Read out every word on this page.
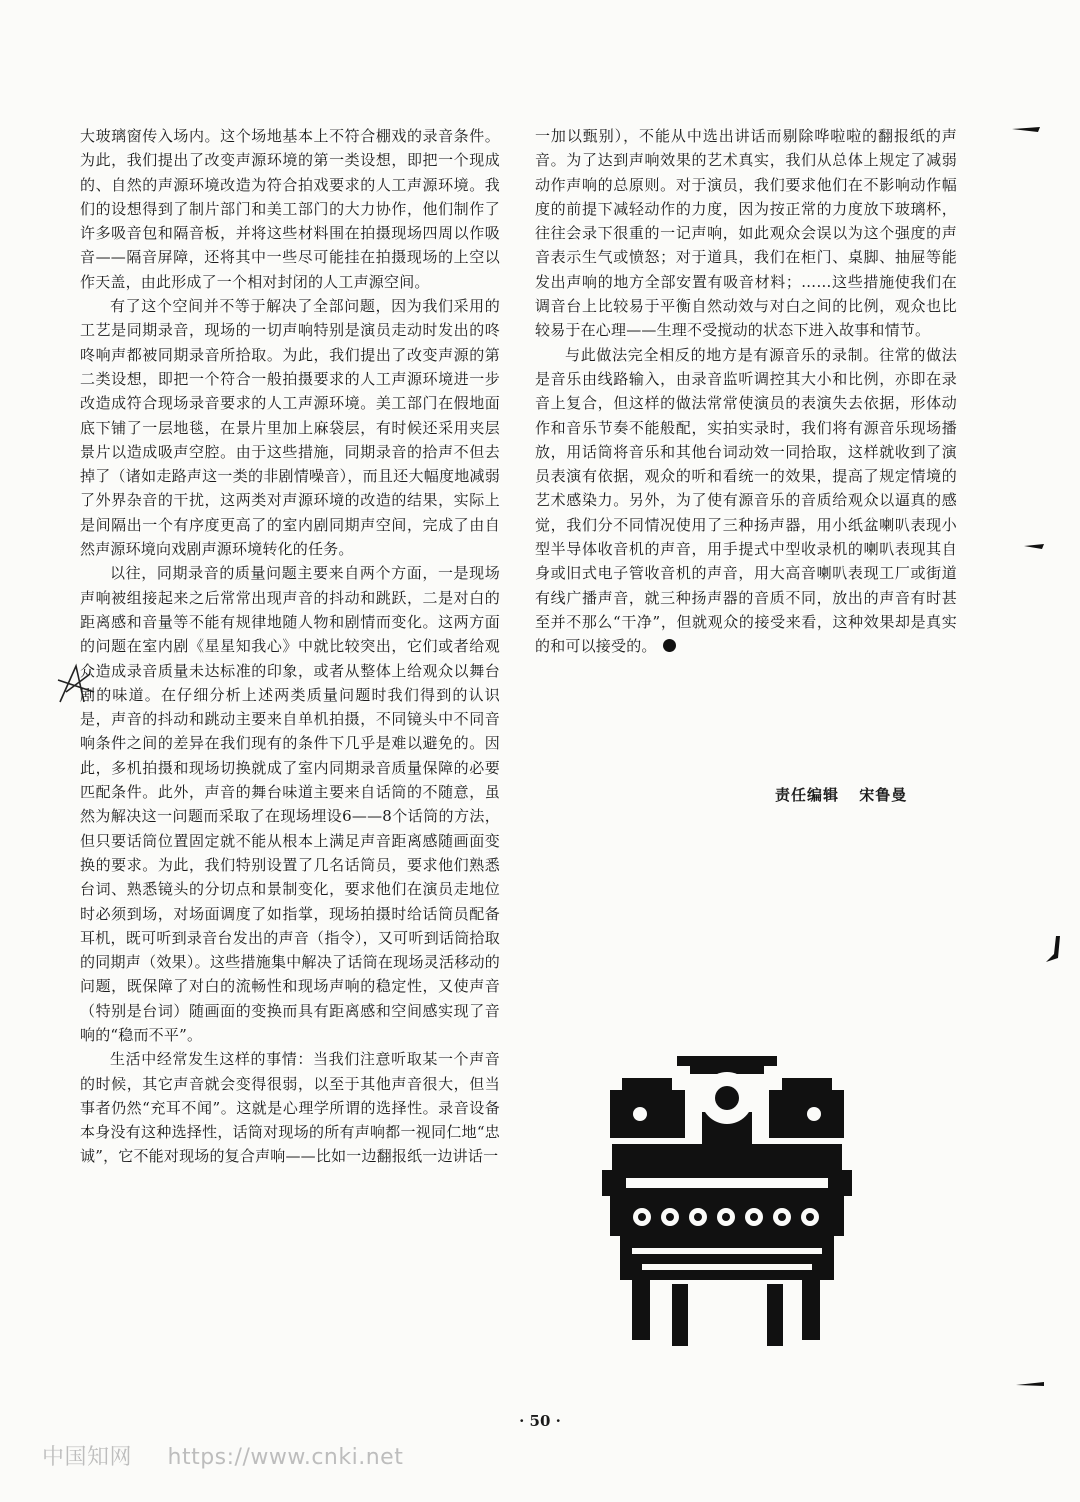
大玻璃窗传入场内。这个场地基本上不符合棚戏的录音条件。为此，我们提出了改变声源环境的第一类设想，即把一个现成的、自然的声源环境改造为符合拍戏要求的人工声源环境。我们的设想得到了制片部门和美工部门的大力协作，他们制作了许多吸音包和隔音板，并将这些材料围在拍摄现场四周以作吸音——隔音屏障，还将其中一些尽可能挂在拍摄现场的上空以作天盖，由此形成了一个相对封闭的人工声源空间。

有了这个空间并不等于解决了全部问题，因为我们采用的工艺是同期录音，现场的一切声响特别是演员走动时发出的咚咚响声都被同期录音所拾取。为此，我们提出了改变声源的第二类设想，即把一个符合一般拍摄要求的人工声源环境进一步改造成符合现场录音要求的人工声源环境。美工部门在假地面底下铺了一层地毯，在景片里加上麻袋层，有时候还采用夹层景片以造成吸声空腔。由于这些措施，同期录音的拾声不但去掉了（诸如走路声这一类的非剧情噪音），而且还大幅度地减弱了外界杂音的干扰，这两类对声源环境的改造的结果，实际上是间隔出一个有序度更高了的室内剧同期声空间，完成了由自然声源环境向戏剧声源环境转化的任务。

以往，同期录音的质量问题主要来自两个方面，一是现场声响被组接起来之后常常出现声音的抖动和跳跃，二是对白的距离感和音量等不能有规律地随人物和剧情而变化。这两方面的问题在室内剧《星星知我心》中就比较突出，它们或者给观众造成录音质量未达标准的印象，或者从整体上给观众以舞台剧的味道。在仔细分析上述两类质量问题时我们得到的认识是，声音的抖动和跳动主要来自单机拍摄，不同镜头中不同音响条件之间的差异在我们现有的条件下几乎是难以避免的。因此，多机拍摄和现场切换就成了室内同期录音质量保障的必要匹配条件。此外，声音的舞台味道主要来自话筒的不随意，虽然为解决这一问题而采取了在现场埋设6——8个话筒的方法，但只要话筒位置固定就不能从根本上满足声音距离感随画面变换的要求。为此，我们特别设置了几名话筒员，要求他们熟悉台词、熟悉镜头的分切点和景制变化，要求他们在演员走地位时必须到场，对场面调度了如指掌，现场拍摄时给话筒员配备耳机，既可听到录音台发出的声音（指令），又可听到话筒拾取的同期声（效果）。这些措施集中解决了话筒在现场灵活移动的问题，既保障了对白的流畅性和现场声响的稳定性，又使声音（特别是台词）随画面的变换而具有距离感和空间感实现了音响的“稳而不平”。

生活中经常发生这样的事情：当我们注意听取某一个声音的时候，其它声音就会变得很弱，以至于其他声音很大，但当事者仍然“充耳不闻”。这就是心理学所谓的选择性。录音设备本身没有这种选择性，话筒对现场的所有声响都一视同仁地“忠诚”，它不能对现场的复合声响——比如一边翻报纸一边讲话一

一加以甄别），不能从中选出讲话而剔除哗啦啦的翻报纸的声音。为了达到声响效果的艺术真实，我们从总体上规定了减弱动作声响的总原则。对于演员，我们要求他们在不影响动作幅度的前提下减轻动作的力度，因为按正常的力度放下玻璃杯，往往会录下很重的一记声响，如此观众会误以为这个强度的声音表示生气或愤怒；对于道具，我们在柜门、桌脚、抽屉等能发出声响的地方全部安置有吸音材料；……这些措施使我们在调音台上比较易于平衡自然动效与对白之间的比例，观众也比较易于在心理——生理不受搅动的状态下进入故事和情节。

与此做法完全相反的地方是有源音乐的录制。往常的做法是音乐由线路输入，由录音监听调控其大小和比例，亦即在录音上复合，但这样的做法常常使演员的表演失去依据，形体动作和音乐节奏不能般配，实拍实录时，我们将有源音乐现场播放，用话筒将音乐和其他台词动效一同拾取，这样就收到了演员表演有依据，观众的听和看统一的效果，提高了规定情境的艺术感染力。另外，为了使有源音乐的音质给观众以逼真的感觉，我们分不同情况使用了三种扬声器，用小纸盆喇叭表现小型半导体收音机的声音，用手提式中型收录机的喇叭表现其自身或旧式电子管收音机的声音，用大高音喇叭表现工厂或街道有线广播声音，就三种扬声器的音质不同，放出的声音有时甚至并不那么“干净”，但就观众的接受来看，这种效果却是真实的和可以接受的。

责任编辑 宋鲁曼
· 50 ·
中国知网 https://www.cnki.net
